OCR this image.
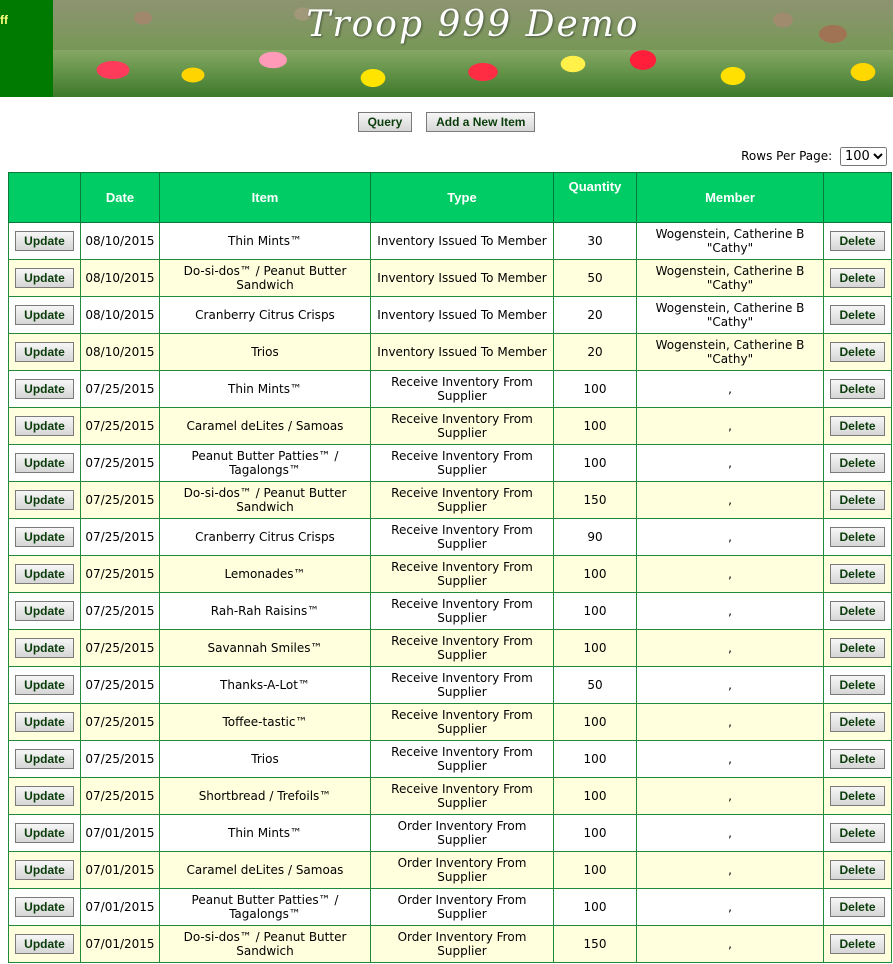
ff	Troop 999 Demo
Query	Add a New Item
Rows Per Page:
100
	Date	Item	Type	Quantity	Member	
Update	08/10/2015	Thin Mints™	Inventory Issued To Member	30	Wogenstein, Catherine B "Cathy"	Delete
Update	08/10/2015	Do-si-dos™ / Peanut Butter Sandwich	Inventory Issued To Member	50	Wogenstein, Catherine B "Cathy"	Delete
Update	08/10/2015	Cranberry Citrus Crisps	Inventory Issued To Member	20	Wogenstein, Catherine B "Cathy"	Delete
Update	08/10/2015	Trios	Inventory Issued To Member	20	Wogenstein, Catherine B "Cathy"	Delete
Update	07/25/2015	Thin Mints™	Receive Inventory From Supplier	100	,	Delete
Update	07/25/2015	Caramel deLites / Samoas	Receive Inventory From Supplier	100	,	Delete
Update	07/25/2015	Peanut Butter Patties™ / Tagalongs™	Receive Inventory From Supplier	100	,	Delete
Update	07/25/2015	Do-si-dos™ / Peanut Butter Sandwich	Receive Inventory From Supplier	150	,	Delete
Update	07/25/2015	Cranberry Citrus Crisps	Receive Inventory From Supplier	90	,	Delete
Update	07/25/2015	Lemonades™	Receive Inventory From Supplier	100	,	Delete
Update	07/25/2015	Rah-Rah Raisins™	Receive Inventory From Supplier	100	,	Delete
Update	07/25/2015	Savannah Smiles™	Receive Inventory From Supplier	100	,	Delete
Update	07/25/2015	Thanks-A-Lot™	Receive Inventory From Supplier	50	,	Delete
Update	07/25/2015	Toffee-tastic™	Receive Inventory From Supplier	100	,	Delete
Update	07/25/2015	Trios	Receive Inventory From Supplier	100	,	Delete
Update	07/25/2015	Shortbread / Trefoils™	Receive Inventory From Supplier	100	,	Delete
Update	07/01/2015	Thin Mints™	Order Inventory From Supplier	100	,	Delete
Update	07/01/2015	Caramel deLites / Samoas	Order Inventory From Supplier	100	,	Delete
Update	07/01/2015	Peanut Butter Patties™ / Tagalongs™	Order Inventory From Supplier	100	,	Delete
Update	07/01/2015	Do-si-dos™ / Peanut Butter Sandwich	Order Inventory From Supplier	150	,	Delete
